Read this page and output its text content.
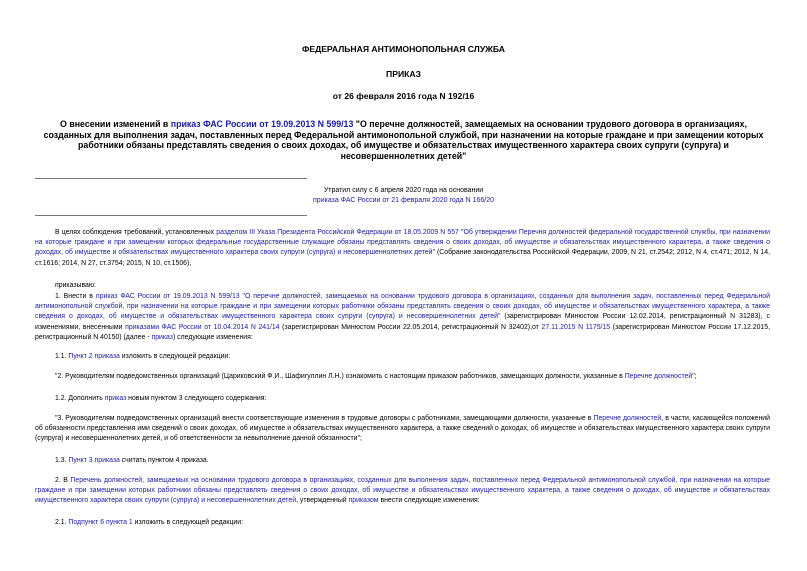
ФЕДЕРАЛЬНАЯ АНТИМОНОПОЛЬНАЯ СЛУЖБА
ПРИКАЗ
от 26 февраля 2016 года N 192/16
О внесении изменений в приказ ФАС России от 19.09.2013 N 599/13 "О перечне должностей, замещаемых на основании трудового договора в организациях, созданных для выполнения задач, поставленных перед Федеральной антимонопольной службой, при назначении на которые граждане и при замещении которых работники обязаны представлять сведения о своих доходах, об имуществе и обязательствах имущественного характера своих супруги (супруга) и несовершеннолетних детей"
Утратил силу с 6 апреля 2020 года на основании
приказа ФАС России от 21 февраля 2020 года N 166/20
В целях соблюдения требований, установленных разделом III Указа Президента Российской Федерации от 18.05.2009 N 557 "Об утверждении Перечня должностей федеральной государственной службы, при назначении на которые граждане и при замещении которых федеральные государственные служащие обязаны представлять сведения о своих доходах, об имуществе и обязательствах имущественного характера, а также сведения о доходах, об имуществе и обязательствах имущественного характера своих супруги (супруга) и несовершеннолетних детей" (Собрание законодательства Российской Федерации, 2009, N 21, ст.2542; 2012, N 4, ст.471; 2012, N 14, ст.1616; 2014, N 27, ст.3754; 2015, N 10, ст.1506),
приказываю:
1. Внести в приказ ФАС России от 19.09.2013 N 599/13 "О перечне должностей, замещаемых на основании трудового договора в организациях, созданных для выполнения задач, поставленных перед Федеральной антимонопольной службой, при назначении на которые граждане и при замещении которых работники обязаны представлять сведения о своих доходах, об имуществе и обязательствах имущественного характера, а также сведения о доходах, об имуществе и обязательствах имущественного характера своих супруги (супруга) и несовершеннолетних детей" (зарегистрирован Минюстом России 12.02.2014, регистрационный N 31283), с изменениями, внесенными приказами ФАС России от 10.04.2014 N 241/14 (зарегистрирован Минюстом России 22.05.2014, регистрационный N 32402),от 27.11.2015 N 1175/15 (зарегистрирован Минюстом России 17.12.2015, регистрационный N 40150) (далее - приказ) следующие изменения:
1.1. Пункт 2 приказа изложить в следующей редакции:
"2. Руководителям подведомственных организаций (Цариковский Ф.И., Шафигуллин Л.Н.) ознакомить с настоящим приказом работников, замещающих должности, указанные в Перечне должностей";
1.2. Дополнить приказ новым пунктом 3 следующего содержания:
"3. Руководителям подведомственных организаций внести соответствующие изменения в трудовые договоры с работниками, замещающими должности, указанные в Перечне должностей, в части, касающейся положений об обязанности представления ими сведений о своих доходах, об имуществе и обязательствах имущественного характера, а также сведений о доходах, об имуществе и обязательствах имущественного характера своих супруги (супруга) и несовершеннолетних детей, и об ответственности за невыполнение данной обязанности";
1.3. Пункт 3 приказа считать пунктом 4 приказа.
2. В Перечень должностей, замещаемых на основании трудового договора в организациях, созданных для выполнения задач, поставленных перед Федеральной антимонопольной службой, при назначении на которые граждане и при замещении которых работники обязаны представлять сведения о своих доходах, об имуществе и обязательствах имущественного характера, а также сведения о доходах, об имуществе и обязательствах имущественного характера своих супруги (супруга) и несовершеннолетних детей, утвержденный приказом внести следующие изменения:
2.1. Подпункт 6 пункта 1 изложить в следующей редакции:
